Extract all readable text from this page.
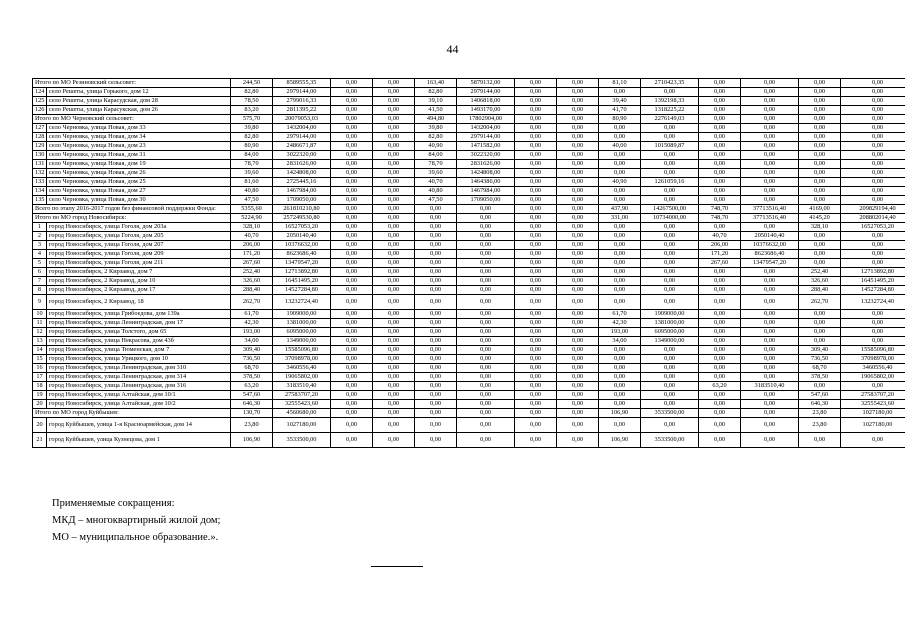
44
Итого по МО Резиновский сельсовет:		244,50	8589555,35	0,00	0,00	163,40	5879132,00	0,00	0,00	81,10	2710423,35	0,00	0,00	0,00	0,00
124	село Решеты, улица Горького, дом 12	82,80	2979144,00	0,00	0,00	82,80	2979144,00	0,00	0,00	0,00	0,00	0,00	0,00	0,00	0,00
125	село Решеты, улица Карасудская, дом 28	78,50	2799016,33	0,00	0,00	39,10	1406818,00	0,00	0,00	39,40	1392198,33	0,00	0,00	0,00	0,00
126	село Решеты, улица Карасукская, дом 26	83,20	2811395,22	0,00	0,00	41,50	1493170,00	0,00	0,00	41,70	1318225,22	0,00	0,00	0,00	0,00
Итого по МО Черновский сельсовет:		575,70	20079053,03	0,00	0,00	494,80	17802904,00	0,00	0,00	80,90	2276149,03	0,00	0,00	0,00	0,00
127	село Черновка, улица Новая, дом 33	39,80	1432004,00	0,00	0,00	39,80	1432004,00	0,00	0,00	0,00	0,00	0,00	0,00	0,00	0,00
128	село Черновка, улица Новая, дом 34	82,80	2979144,00	0,00	0,00	82,80	2979144,00	0,00	0,00	0,00	0,00	0,00	0,00	0,00	0,00
129	село Черновка, улица Новая, дом 23	80,90	2486671,87	0,00	0,00	40,90	1471582,00	0,00	0,00	40,00	1015089,87	0,00	0,00	0,00	0,00
130	село Черновка, улица Новая, дом 31	84,00	3022320,00	0,00	0,00	84,00	3022320,00	0,00	0,00	0,00	0,00	0,00	0,00	0,00	0,00
131	село Черновка, улица Новая, дом 19	78,70	2831626,00	0,00	0,00	78,70	2831626,00	0,00	0,00	0,00	0,00	0,00	0,00	0,00	0,00
132	село Черновка, улица Новая, дом 26	39,60	1424808,00	0,00	0,00	39,60	1424808,00	0,00	0,00	0,00	0,00	0,00	0,00	0,00	0,00
133	село Черновка, улица Новая, дом 25	81,60	2725445,16	0,00	0,00	40,70	1464386,00	0,00	0,00	40,90	1261059,16	0,00	0,00	0,00	0,00
134	село Черновка, улица Новая, дом 27	40,80	1467984,00	0,00	0,00	40,80	1467984,00	0,00	0,00	0,00	0,00	0,00	0,00	0,00	0,00
135	село Черновка, улица Новая, дом 30	47,50	1709050,00	0,00	0,00	47,50	1709050,00	0,00	0,00	0,00	0,00	0,00	0,00	0,00	0,00
Всего по этапу 2016-2017 годов без финансовой поддержки Фонда:		5355,60	261810210,80	0,00	0,00	0,00	0,00	0,00	0,00	437,90	14267500,00	748,70	37713516,40	4169,00	209829194,40
Итого по МО город Новосибирск:		5224,90	257249530,80	0,00	0,00	0,00	0,00	0,00	0,00	331,00	10734000,00	748,70	37713516,40	4145,20	208802014,40
1	город Новосибирск, улица Гоголя, дом 203а	328,10	16527053,20	0,00	0,00	0,00	0,00	0,00	0,00	0,00	0,00	0,00	0,00	328,10	16527053,20
2	город Новосибирск, улица Гоголя, дом 205	40,70	2050140,40	0,00	0,00	0,00	0,00	0,00	0,00	0,00	0,00	40,70	2050140,40	0,00	0,00
3	город Новосибирск, улица Гоголя, дом 207	206,00	10376632,00	0,00	0,00	0,00	0,00	0,00	0,00	0,00	0,00	206,00	10376632,00	0,00	0,00
4	город Новосибирск, улица Гоголя, дом 209	171,20	8623686,40	0,00	0,00	0,00	0,00	0,00	0,00	0,00	0,00	171,20	8623686,40	0,00	0,00
5	город Новосибирск, улица Гоголя, дом 211	267,60	13479547,20	0,00	0,00	0,00	0,00	0,00	0,00	0,00	0,00	267,60	13479547,20	0,00	0,00
6	город Новосибирск, 2 Кирзавод, дом 7	252,40	12713892,80	0,00	0,00	0,00	0,00	0,00	0,00	0,00	0,00	0,00	0,00	252,40	12713892,80
7	город Новосибирск, 2 Кирзавод, дом 10	326,60	16451495,20	0,00	0,00	0,00	0,00	0,00	0,00	0,00	0,00	0,00	0,00	326,60	16451495,20
8	город Новосибирск, 2 Кирзавод, дом 17	288,40	14527284,80	0,00	0,00	0,00	0,00	0,00	0,00	0,00	0,00	0,00	0,00	288,40	14527284,80
9	город Новосибирск, 2 Кирзавод, 18	262,70	13232724,40	0,00	0,00	0,00	0,00	0,00	0,00	0,00	0,00	0,00	0,00	262,70	13232724,40
10	город Новосибирск, улица Грибоедова, дом 139а	61,70	1909000,00	0,00	0,00	0,00	0,00	0,00	0,00	61,70	1909000,00	0,00	0,00	0,00	0,00
11	город Новосибирск, улица Ленинградская, дом 17	42,30	1381000,00	0,00	0,00	0,00	0,00	0,00	0,00	42,30	1381000,00	0,00	0,00	0,00	0,00
12	город Новосибирск, улица Толстого, дом 65	193,00	6095000,00	0,00	0,00	0,00	0,00	0,00	0,00	193,00	6095000,00	0,00	0,00	0,00	0,00
13	город Новосибирск, улица Некрасова, дом 43б	34,00	1349000,00	0,00	0,00	0,00	0,00	0,00	0,00	34,00	1349000,00	0,00	0,00	0,00	0,00
14	город Новосибирск, улица Тюменская, дом 7	309,40	15585096,80	0,00	0,00	0,00	0,00	0,00	0,00	0,00	0,00	0,00	0,00	309,40	15585096,80
15	город Новосибирск, улица Урицкого, дом 10	736,50	37098978,00	0,00	0,00	0,00	0,00	0,00	0,00	0,00	0,00	0,00	0,00	736,50	37098978,00
16	город Новосибирск, улица Ленинградская, дом 310	68,70	3460556,40	0,00	0,00	0,00	0,00	0,00	0,00	0,00	0,00	0,00	0,00	68,70	3460556,40
17	город Новосибирск, улица Ленинградская, дом 314	378,50	19065802,00	0,00	0,00	0,00	0,00	0,00	0,00	0,00	0,00	0,00	0,00	378,50	19065802,00
18	город Новосибирск, улица Ленинградская, дом 316	63,20	3183510,40	0,00	0,00	0,00	0,00	0,00	0,00	0,00	0,00	63,20	3183510,40	0,00	0,00
19	город Новосибирск, улица Алтайская, дом 10/1	547,60	27583707,20	0,00	0,00	0,00	0,00	0,00	0,00	0,00	0,00	0,00	0,00	547,60	27583707,20
20	город Новосибирск, улица Алтайская, дом 10/2	646,30	32555423,60	0,00	0,00	0,00	0,00	0,00	0,00	0,00	0,00	0,00	0,00	646,30	32555423,60
Итого по МО город Куйбышев:		130,70	4560680,00	0,00	0,00	0,00	0,00	0,00	0,00	106,90	3533500,00	0,00	0,00	23,80	1027180,00
20	город Куйбышев, улица 1-я Красноармейская, дом 14	23,80	1027180,00	0,00	0,00	0,00	0,00	0,00	0,00	0,00	0,00	0,00	0,00	23,80	1027180,00
21	город Куйбышев, улица Кузнецова, дом 1	106,90	3533500,00	0,00	0,00	0,00	0,00	0,00	0,00	106,90	3533500,00	0,00	0,00	0,00	0,00
Применяемые сокращения:
МКД – многоквартирный жилой дом;
МО – муниципальное образование.».
